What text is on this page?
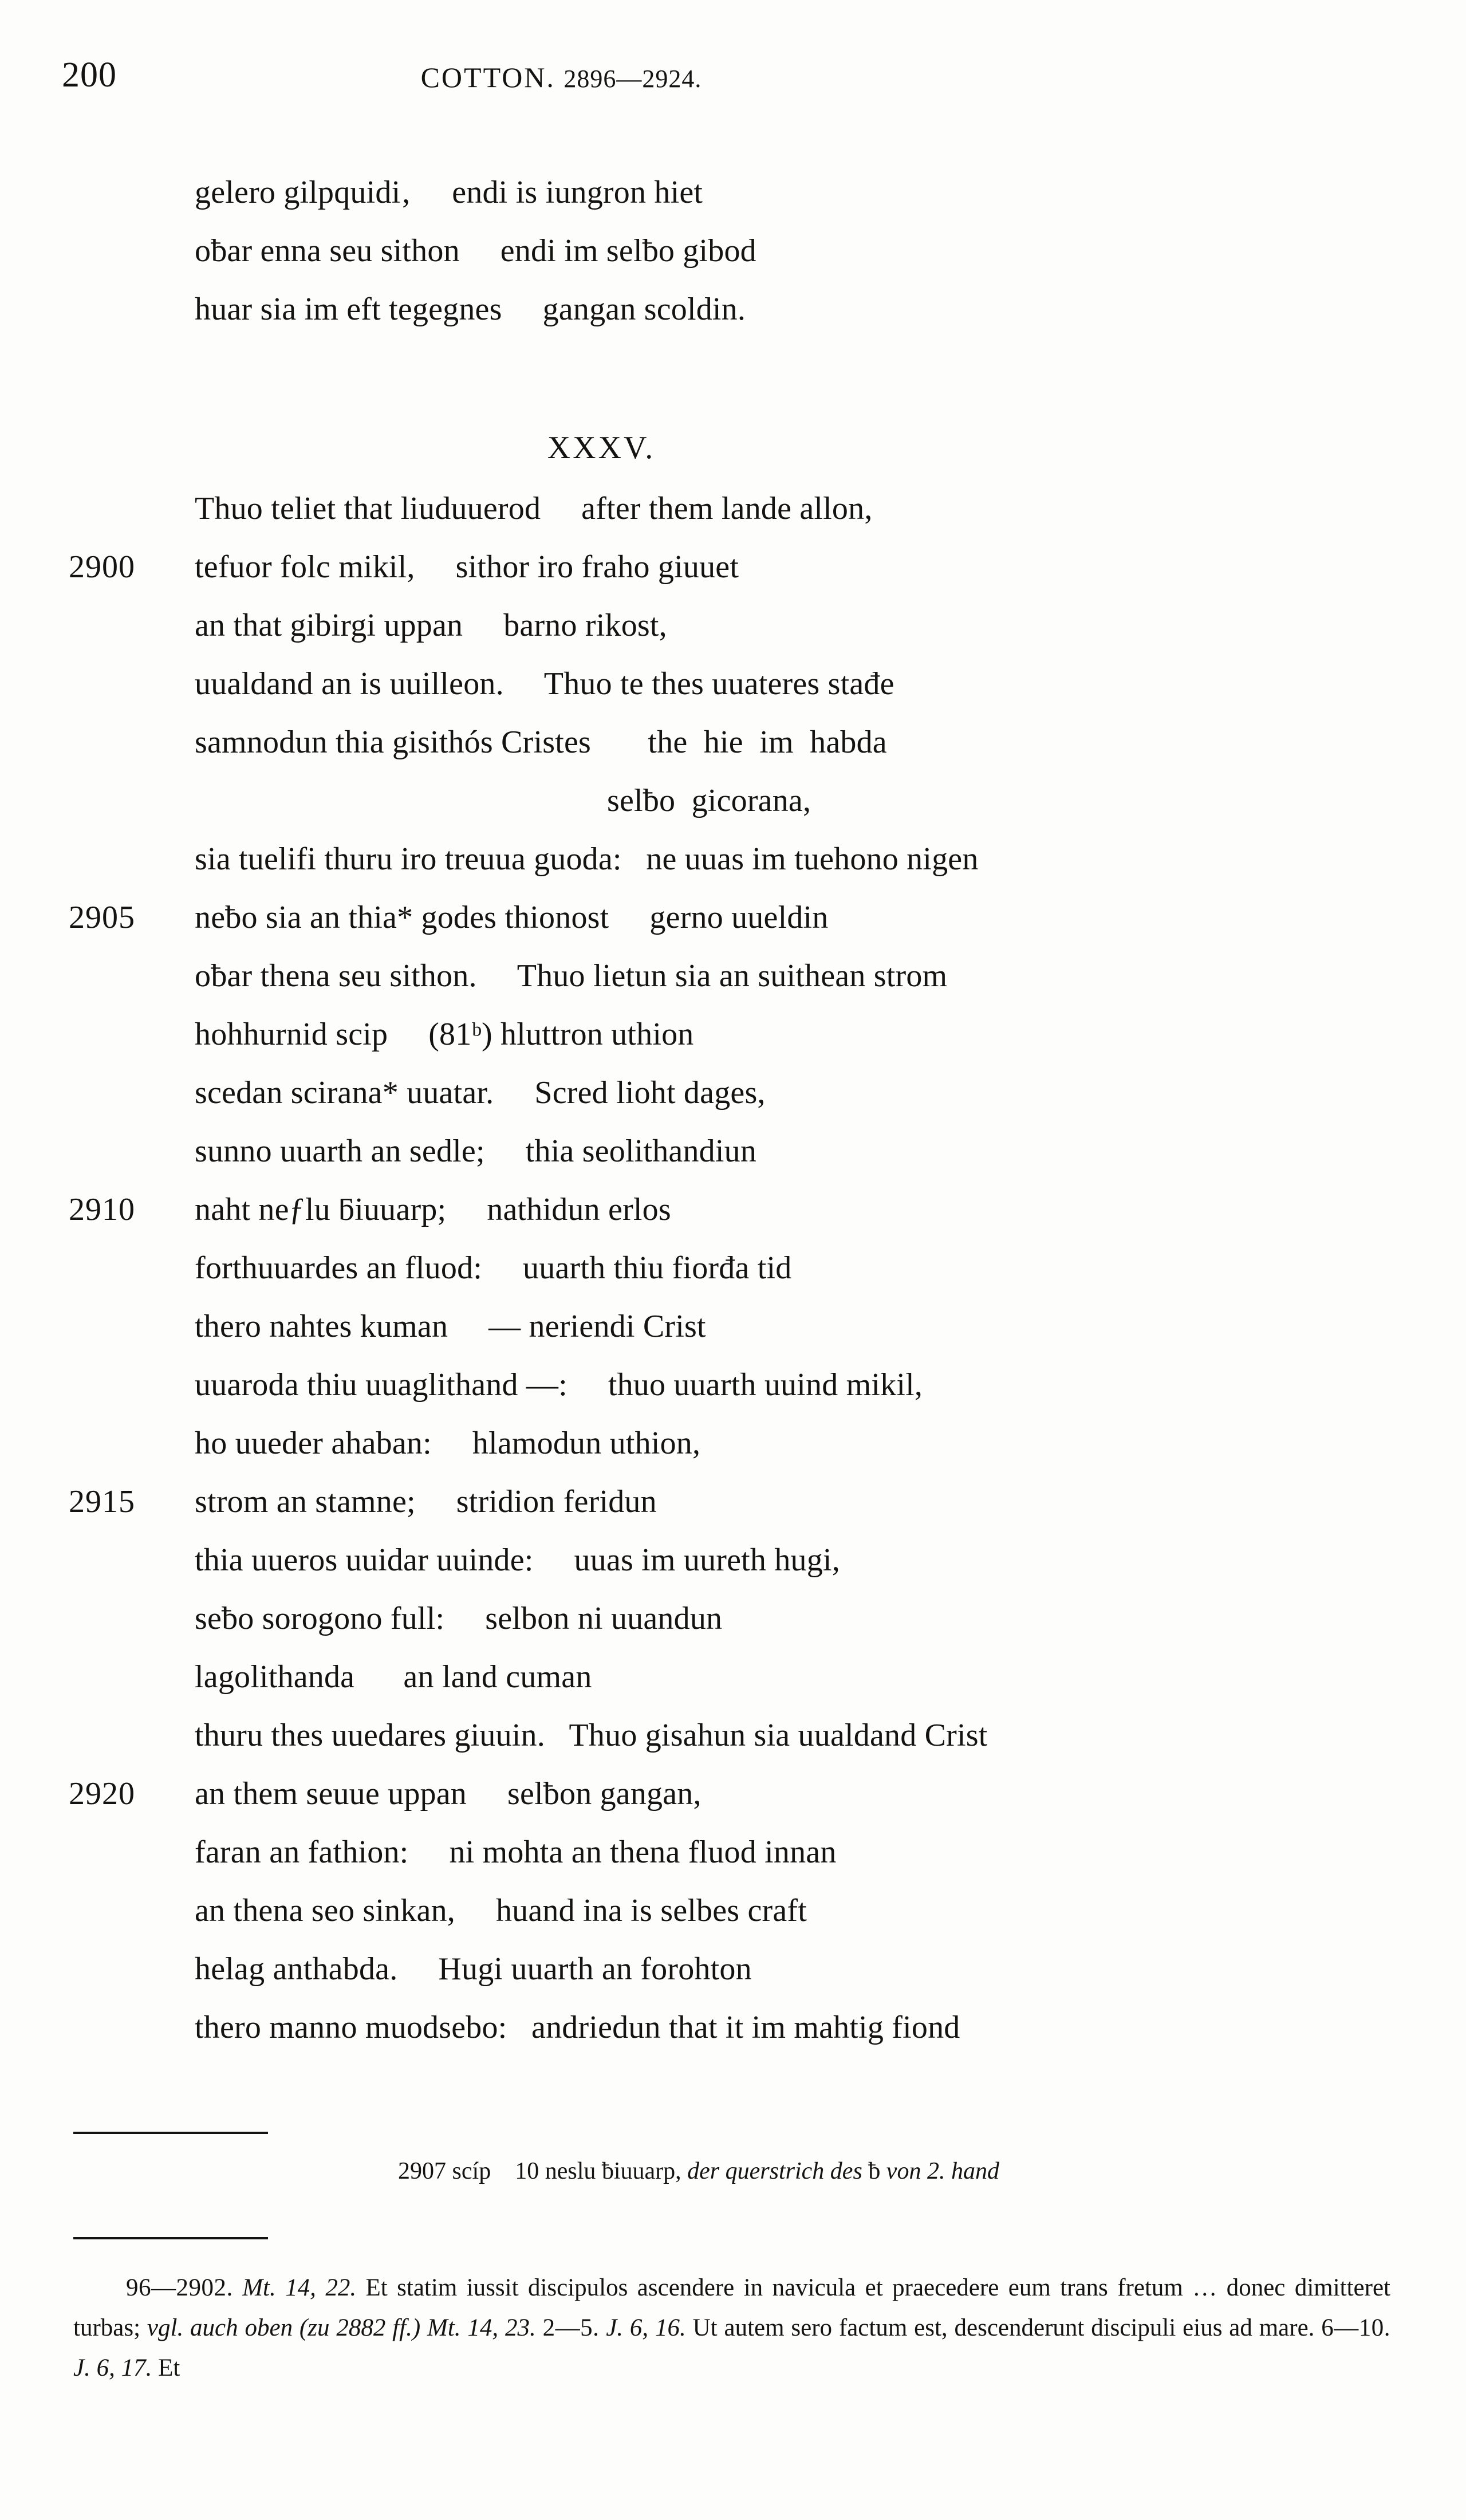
200	COTTON. 2896—2924.
gelero gilpquidi‚     endi is iungron hiet
oƀar enna seu sithon     endi im selƀo gibod
huar sia im eft tegegnes     gangan scoldin.
XXXV.
Thuo teliet that liuduuerod     after them lande allon,
2900	tefuor folc mikil,     sithor iro fraho giuuet
an that gibirgi uppan     barno rikost,
uualdand an is uuilleon.     Thuo te thes uuateres stađe
samnodun thia gisithós Cristes       the  hie  im  habda
selƀo  gicorana,
sia tuelifi thuru iro treuua guoda:   ne uuas im tuehono nigen
2905	neƀo sia an thia* godes thionost     gerno uueldin
oƀar thena seu sithon.     Thuo lietun sia an suithean strom
hohhurnid scip     (81ᵇ) hluttron uthion
scedan scirana* uuatar.     Scred lioht dages,
sunno uuarth an sedle;     thia seolithandiun
2910	naht neƒlu ƃiuuarp;     nathidun erlos
forthuuardes an fluod:     uuarth thiu fiorđa tid
thero nahtes kuman     — neriendi Crist
uuaroda thiu uuaglithand —:     thuo uuarth uuind mikil,
ho uueder ahaban:     hlamodun uthion,
2915	strom an stamne;     stridion feridun
thia uueros uuidar uuinde:     uuas im uureth hugi,
seƀo sorogono full:     selbon ni uuandun
lagolithanda      an land cuman
thuru thes uuedares giuuin.   Thuo gisahun sia uualdand Crist
2920	an them seuue uppan     selƀon gangan,
faran an fathion:     ni mohta an thena fluod innan
an thena seo sinkan,     huand ina is selbes craft
helag anthabda.     Hugi uuarth an forohton
thero manno muodsebo:   andriedun that it im mahtig fiond
2907 scíp 10 neslu ƀiuuarp, der querstrich des ƀ von 2. hand

96—2902. Mt. 14, 22. Et statim iussit discipulos ascendere in navicula et praecedere eum trans fretum … donec dimitteret turbas; vgl. auch oben (zu 2882 ff.) Mt. 14, 23. 2—5. J. 6, 16. Ut autem sero factum est, descenderunt discipuli eius ad mare. 6—10. J. 6, 17. Et
